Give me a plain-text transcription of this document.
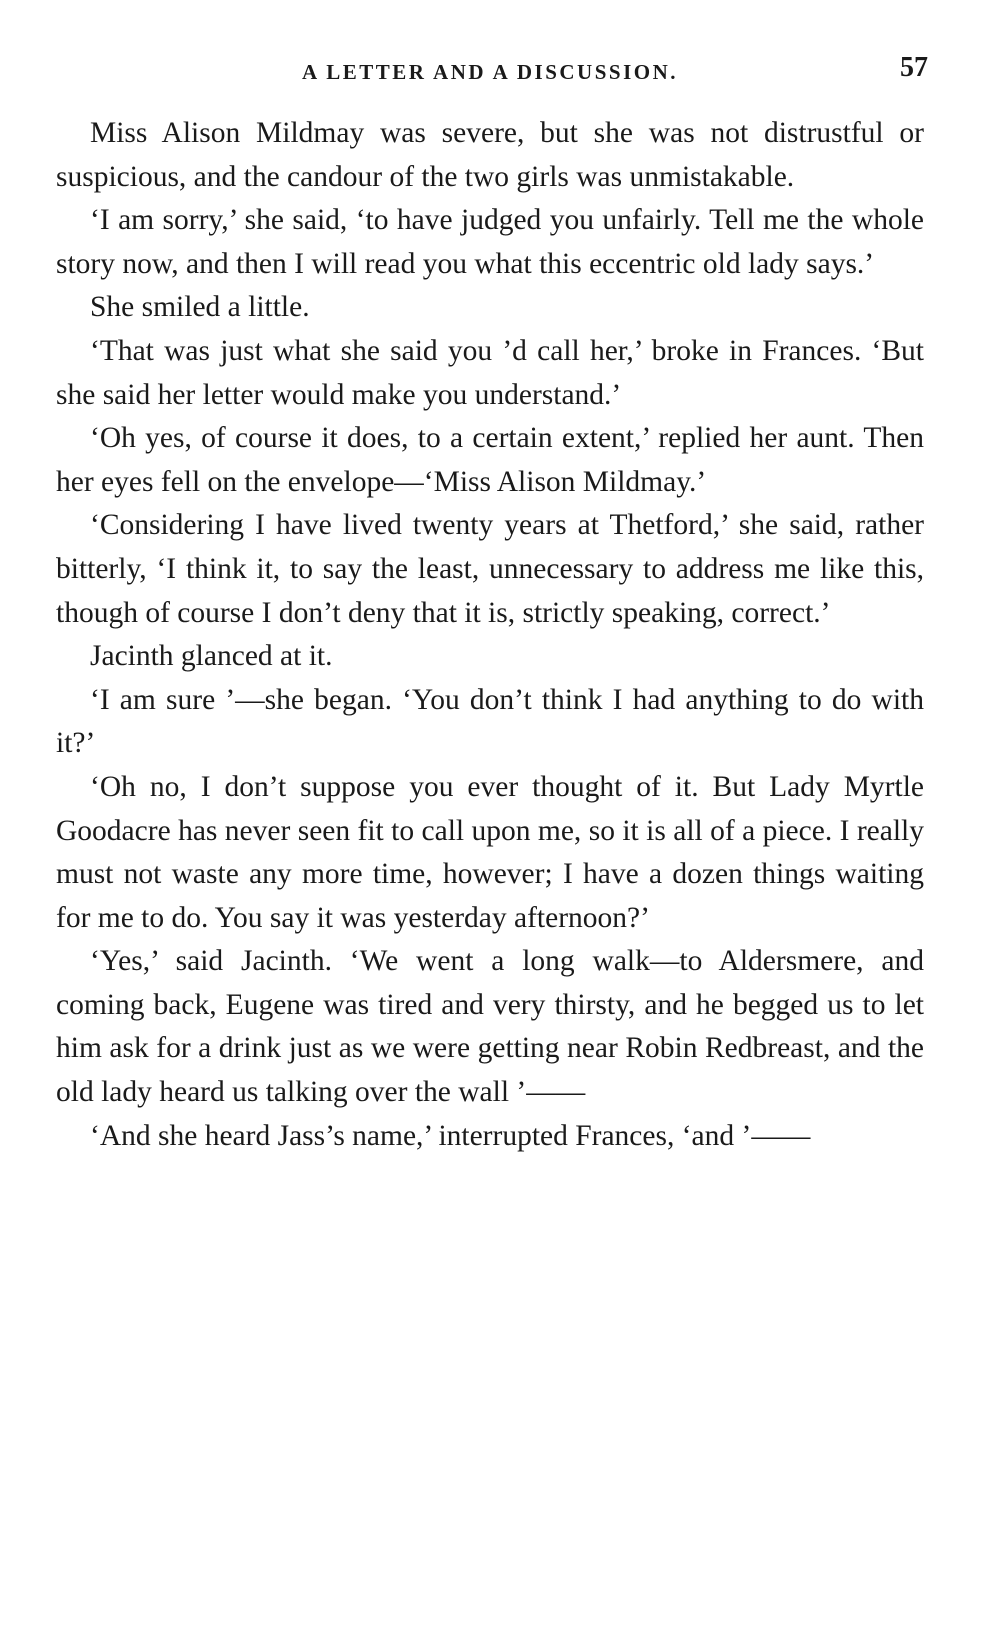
A LETTER AND A DISCUSSION.	57

Miss Alison Mildmay was severe, but she was not distrustful or suspicious, and the candour of the two girls was unmistakable.

‘I am sorry,’ she said, ‘to have judged you unfairly. Tell me the whole story now, and then I will read you what this eccentric old lady says.’

She smiled a little.

‘That was just what she said you ’d call her,’ broke in Frances. ‘But she said her letter would make you understand.’

‘Oh yes, of course it does, to a certain extent,’ replied her aunt. Then her eyes fell on the envelope—‘Miss Alison Mildmay.’

‘Considering I have lived twenty years at Thetford,’ she said, rather bitterly, ‘I think it, to say the least, unnecessary to address me like this, though of course I don’t deny that it is, strictly speaking, correct.’

Jacinth glanced at it.

‘I am sure ’—she began. ‘You don’t think I had anything to do with it?’

‘Oh no, I don’t suppose you ever thought of it. But Lady Myrtle Goodacre has never seen fit to call upon me, so it is all of a piece. I really must not waste any more time, however; I have a dozen things waiting for me to do. You say it was yesterday afternoon?’

‘Yes,’ said Jacinth. ‘We went a long walk—to Aldersmere, and coming back, Eugene was tired and very thirsty, and he begged us to let him ask for a drink just as we were getting near Robin Redbreast, and the old lady heard us talking over the wall ’——

‘And she heard Jass’s name,’ interrupted Frances, ‘and ’——
